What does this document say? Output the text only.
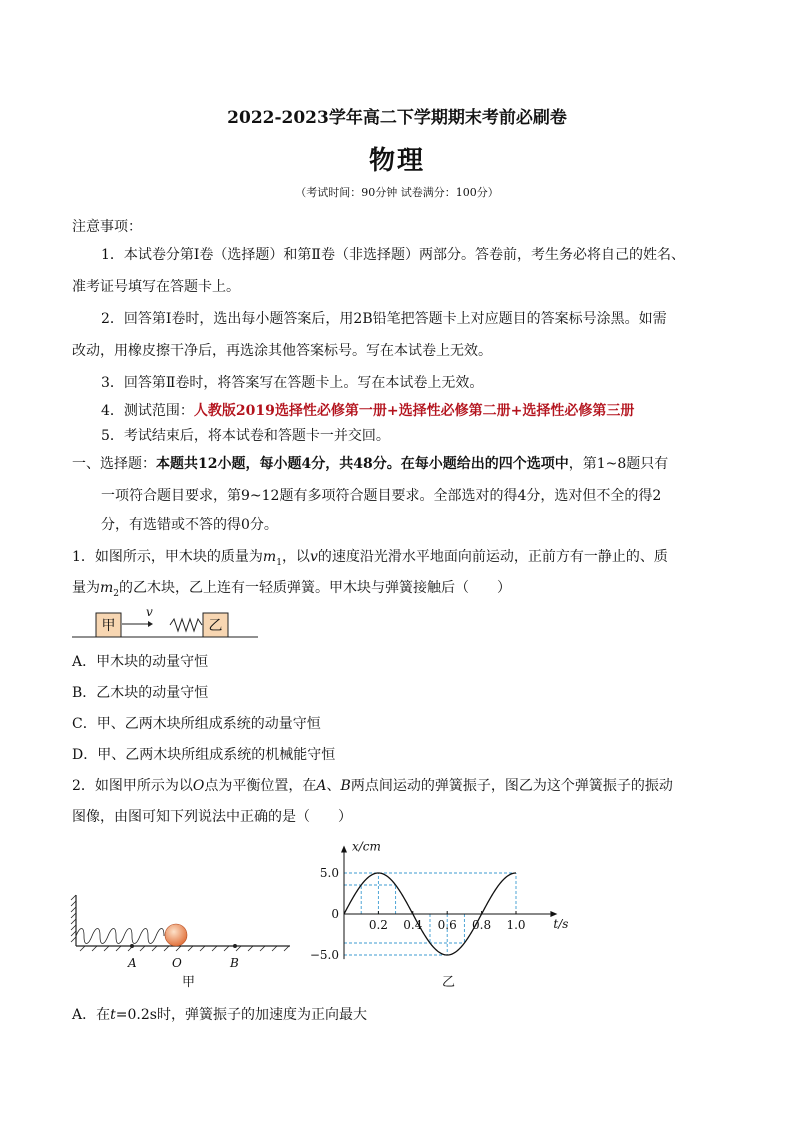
2022-2023学年高二下学期期末考前必刷卷
物理
（考试时间：90分钟 试卷满分：100分）
注意事项：
1．本试卷分第Ⅰ卷（选择题）和第Ⅱ卷（非选择题）两部分。答卷前，考生务必将自己的姓名、
准考证号填写在答题卡上。
2．回答第Ⅰ卷时，选出每小题答案后，用2B铅笔把答题卡上对应题目的答案标号涂黑。如需
改动，用橡皮擦干净后，再选涂其他答案标号。写在本试卷上无效。
3．回答第Ⅱ卷时，将答案写在答题卡上。写在本试卷上无效。
4．测试范围：人教版2019选择性必修第一册+选择性必修第二册+选择性必修第三册
5．考试结束后，将本试卷和答题卡一并交回。
一、选择题：本题共12小题，每小题4分，共48分。在每小题给出的四个选项中，第1~8题只有
一项符合题目要求，第9~12题有多项符合题目要求。全部选对的得4分，选对但不全的得2
分，有选错或不答的得0分。
1．如图所示，甲木块的质量为$m_1$，以v的速度沿光滑水平地面向前运动，正前方有一静止的、质
量为$m_2$的乙木块，乙上连有一轻质弹簧。甲木块与弹簧接触后（　　）
甲
v
乙
A．甲木块的动量守恒
B．乙木块的动量守恒
C．甲、乙两木块所组成系统的动量守恒
D．甲、乙两木块所组成系统的机械能守恒
2．如图甲所示为以O点为平衡位置，在A、B两点间运动的弹簧振子，图乙为这个弹簧振子的振动
图像，由图可知下列说法中正确的是（　　）
A	O	B
甲
0.2 0.4 0.6 0.8 1.0
5.0
0
−5.0
x/cm
t/s
乙
A．在t=0.2s时，弹簧振子的加速度为正向最大
